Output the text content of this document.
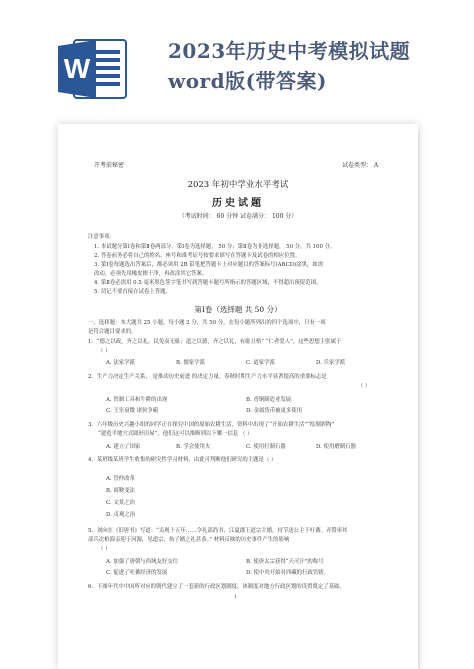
W
2023年历史中考模拟试题
word版(带答案)
开考前秘密	试卷类型： A
2023 年初中学业水平考试
历史试题
（考试时间： 60 分钟 试卷满分： 100 分）
注意事项：
1. 本试题分第Ⅰ卷和第Ⅱ卷两部分，第Ⅰ卷为选择题， 50 分；第Ⅱ卷为非选择题， 50 分，共 100 分。
2. 答卷前务必将自己的姓名、座号和准考证号按要求填写在答题卡及试卷的相应位置。
3. 第Ⅰ卷每题选出答案后，都必须用 2B 铅笔把答题卡上对应题目的答案标号(ABCD)涂黑，如需
改动，必须先用橡皮擦干净，再改涂其它答案。
4. 第Ⅱ卷必需用 0.5 毫米黑色签字笔书写到答题卡题号所指示的答题区域，不得超出预留范围。
5. 切记不要直接在试卷上答题。
第Ⅰ卷（选择题 共 50 分）
一、选择题：本大题共 25 小题，每小题 2 分，共 50 分。在每小题所列出的四个选项中，只有一项
是符合题目要求的。
1．“德之以政，齐之以礼，民免而无耻；道之以德，齐之以礼，有耻且格” “仁者爱人”，这些思想主张属于
（ ）
A. 法家学派	B. 儒家学派	C. 道家学派	D. 兵家学派
2．生产力决定生产关系， 是推动历史前进 的决定力量。春秋时期生产力水平显著提高的重要标志是
（ ）
A. 铁制工具和牛耕的出现	B. 青铜制造业发展
C. 王室衰微 诸侯争霸	D. 金属货币被更多使用
3．六年级历史兴趣小组的同学正在探究中国的原始农耕生活，资料中出现了“开始农耕生活”“绘制彩陶”
“建造半地穴式圆形房屋”，他们这可以推断到以下哪一信息 （ ）
A. 建立了国家	B. 学会使用火	C. 使用打制石器	D. 使用磨制石器
4．某班级某班学生收集的研究性学习材料，由此可判断他们研究的主题是（ ）
A. 管仲改革
B. 商鞅变法
C. 文景之治
D. 贞观之治
5．刘向在《旧唐书》写道：“贞观十五年……令礼部尚书、江夏郡王道宗主婚，持节送公主于吐蕃。弄赞率其
部兵次柏海亲迎于河源，见道宗，执子婿之礼甚恭。” 材料反映的历史事件产生的影响
（ ）
A. 加强了唐朝与西域友好交往	B. 使唐太宗获得“天可汗”的称号
C. 促进了吐蕃经济的发展	D. 使中央开始对西藏的行政管辖。
6．下图年代中中国所对应的朝代建立了一套新的行政区划制度，该制度对地方行政区划的设置奠定了基础。
1
